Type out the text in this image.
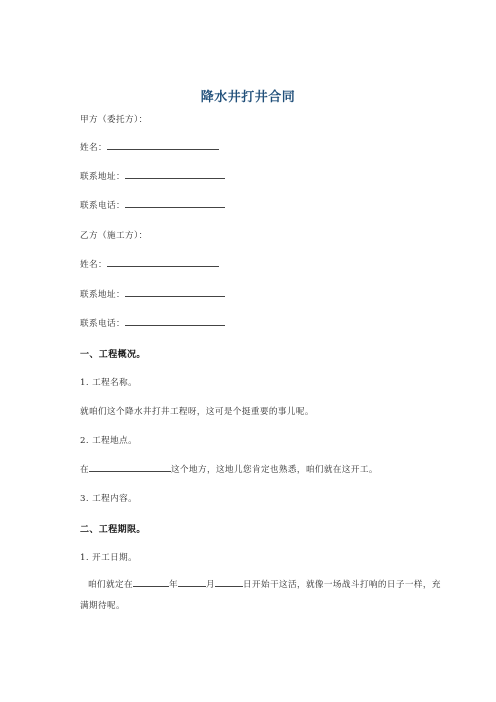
降水井打井合同
甲方（委托方）：
姓名：
联系地址：
联系电话：
乙方（施工方）：
姓名：
联系地址：
联系电话：
一、工程概况。
1. 工程名称。
就咱们这个降水井打井工程呀，这可是个挺重要的事儿呢。
2. 工程地点。
在	这个地方，这地儿您肯定也熟悉，咱们就在这开工。
3. 工程内容。
二、工程期限。
1. 开工日期。
咱们就定在	年	月	日开始干这活，就像一场战斗打响的日子一样，充满期待呢。
